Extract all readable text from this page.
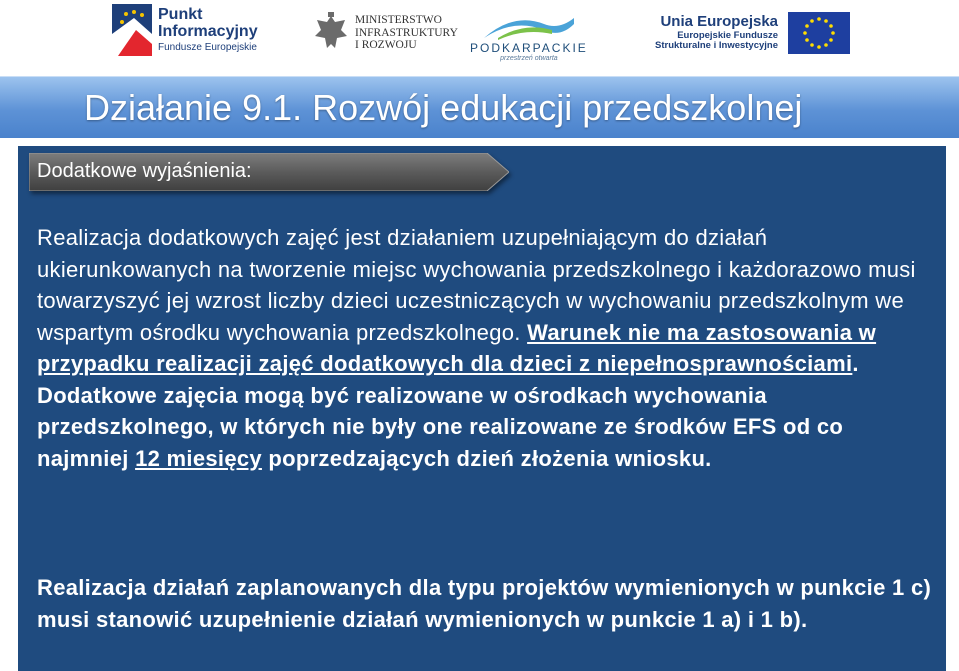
Punkt
Informacyjny
Fundusze Europejskie
MINISTERSTWO
INFRASTRUKTURY
I ROZWOJU	PODKARPACKIE
przestrzeń otwarta
Unia Europejska
Europejskie Fundusze
Strukturalne i Inwestycyjne
Działanie 9.1. Rozwój edukacji przedszkolnej
Dodatkowe wyjaśnienia:

Realizacja dodatkowych zajęć jest działaniem uzupełniającym do działań ukierunkowanych na tworzenie miejsc wychowania przedszkolnego i każdorazowo musi towarzyszyć jej wzrost liczby dzieci uczestniczących w wychowaniu przedszkolnym we wspartym ośrodku wychowania przedszkolnego. Warunek nie ma zastosowania w przypadku realizacji zajęć dodatkowych dla dzieci z niepełnosprawnościami. Dodatkowe zajęcia mogą być realizowane w ośrodkach wychowania przedszkolnego, w których nie były one realizowane ze środków EFS od co najmniej 12 miesięcy poprzedzających dzień złożenia wniosku.

Realizacja działań zaplanowanych dla typu projektów wymienionych w punkcie 1 c) musi stanowić uzupełnienie działań wymienionych w punkcie 1 a) i 1 b).
